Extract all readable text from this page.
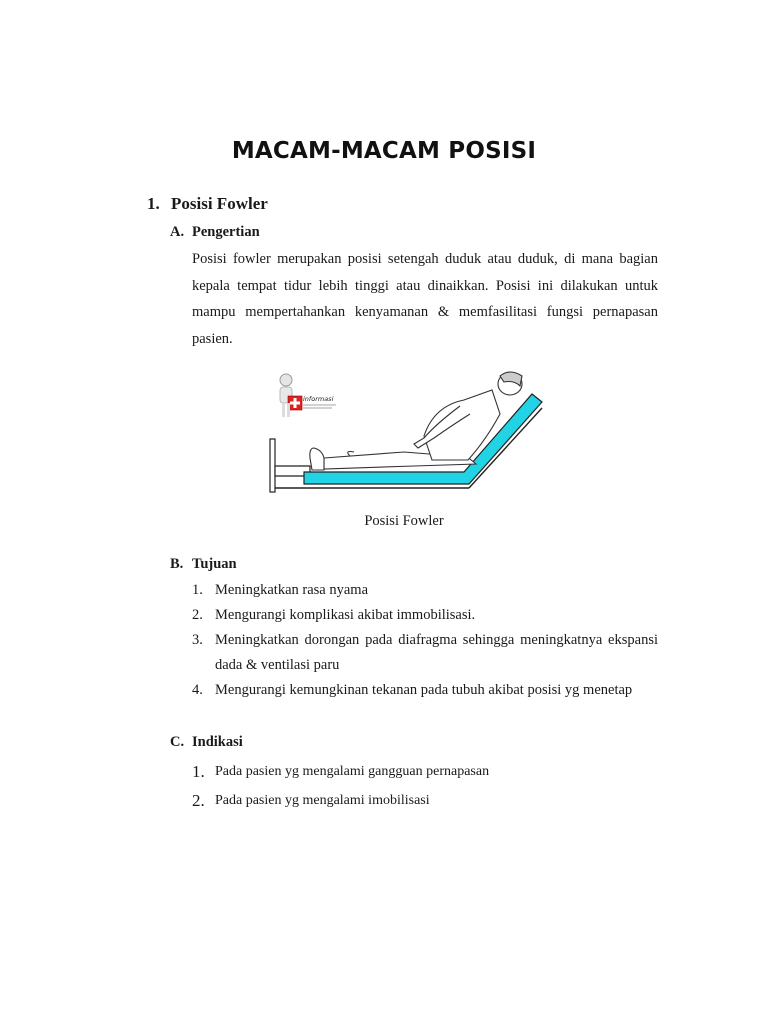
MACAM-MACAM POSISI
1. Posisi Fowler
A. Pengertian
Posisi fowler merupakan posisi setengah duduk atau duduk, di mana bagian kepala tempat tidur lebih tinggi atau dinaikkan. Posisi ini dilakukan untuk mampu mempertahankan kenyamanan & memfasilitasi fungsi pernapasan pasien.
informasi
Posisi Fowler
B. Tujuan
1. Meningkatkan rasa nyama
2. Mengurangi komplikasi akibat immobilisasi.
3. Meningkatkan dorongan pada diafragma sehingga meningkatnya ekspansi dada & ventilasi paru
4. Mengurangi kemungkinan tekanan pada tubuh akibat posisi yg menetap
C. Indikasi
1. Pada pasien yg mengalami gangguan pernapasan
2. Pada pasien yg mengalami imobilisasi
